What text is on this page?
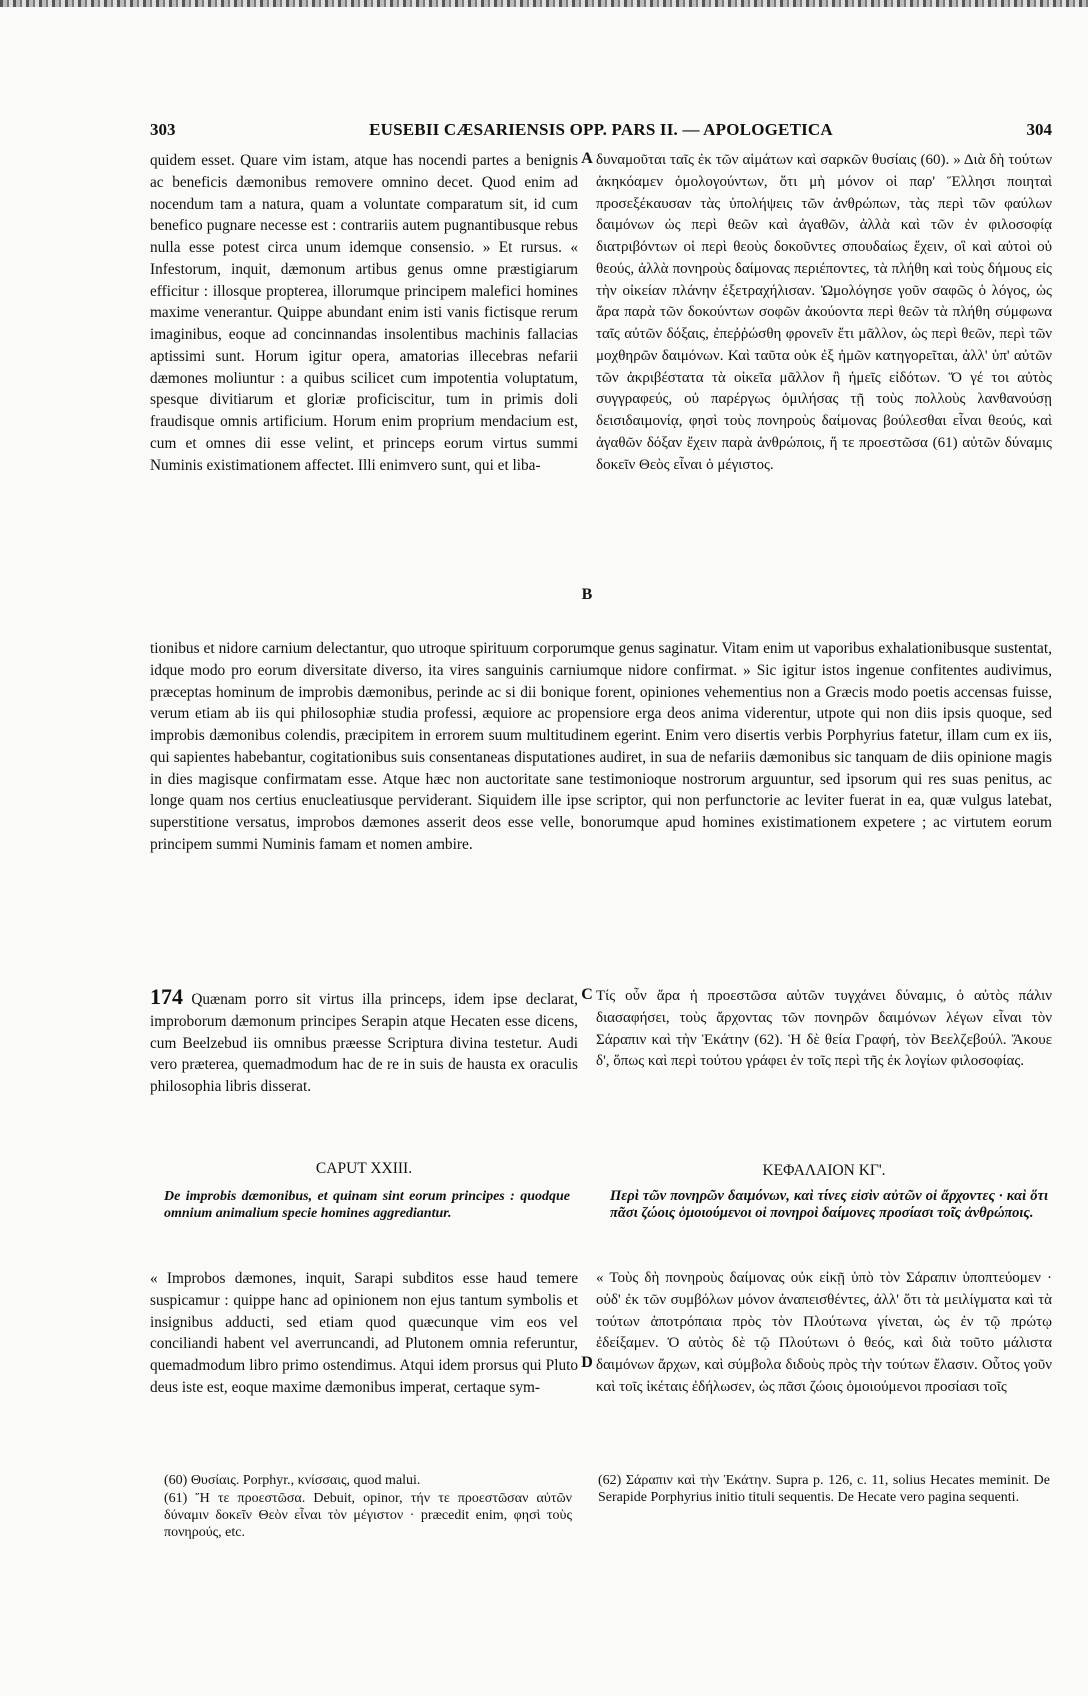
303	EUSEBII CÆSARIENSIS OPP. PARS II. — APOLOGETICA	304
quidem esset. Quare vim istam, atque has nocendi partes a benignis ac beneficis dæmonibus removere omnino decet. Quod enim ad nocendum tam a natura, quam a voluntate comparatum sit, id cum benefico pugnare necesse est : contrariis autem pugnantibusque rebus nulla esse potest circa unum idemque consensio. » Et rursus. « Infestorum, inquit, dæmonum artibus genus omne præstigiarum efficitur : illosque propterea, illorumque principem malefici homines maxime venerantur. Quippe abundant enim isti vanis fictisque rerum imaginibus, eoque ad concinnandas insolentibus machinis fallacias aptissimi sunt. Horum igitur opera, amatorias illecebras nefarii dæmones moliuntur : a quibus scilicet cum impotentia voluptatum, spesque divitiarum et gloriæ proficiscitur, tum in primis doli fraudisque omnis artificium. Horum enim proprium mendacium est, cum et omnes dii esse velint, et princeps eorum virtus summi Numinis existimationem affectet. Illi enimvero sunt, qui et liba-
δυναμοῦται ταῖς ἐκ τῶν αἱμάτων καὶ σαρκῶν θυσίαις (60). » Διὰ δὴ τούτων ἀκηκόαμεν ὁμολογούντων, ὅτι μὴ μόνον οἱ παρ' Ἕλλησι ποιηταὶ προσεξέκαυσαν τὰς ὑπολήψεις τῶν ἀνθρώπων, τὰς περὶ τῶν φαύλων δαιμόνων ὡς περὶ θεῶν καὶ ἀγαθῶν, ἀλλὰ καὶ τῶν ἐν φιλοσοφίᾳ διατριβόντων οἱ περὶ θεοὺς δοκοῦντες σπουδαίως ἔχειν, οἳ καὶ αὐτοὶ οὐ θεούς, ἀλλὰ πονηροὺς δαίμονας περιέποντες, τὰ πλήθη καὶ τοὺς δήμους εἰς τὴν οἰκείαν πλάνην ἐξετραχήλισαν. Ὡμολόγησε γοῦν σαφῶς ὁ λόγος, ὡς ἄρα παρὰ τῶν δοκούντων σοφῶν ἀκούοντα περὶ θεῶν τὰ πλήθη σύμφωνα ταῖς αὐτῶν δόξαις, ἐπεῤῥώσθη φρονεῖν ἔτι μᾶλλον, ὡς περὶ θεῶν, περὶ τῶν μοχθηρῶν δαιμόνων. Καὶ ταῦτα οὐκ ἐξ ἡμῶν κατηγορεῖται, ἀλλ' ὑπ' αὐτῶν τῶν ἀκριβέστατα τὰ οἰκεῖα μᾶλλον ἢ ἡμεῖς εἰδότων. Ὅ γέ τοι αὐτὸς συγγραφεύς, οὐ παρέργως ὁμιλήσας τῇ τοὺς πολλοὺς λανθανούσῃ δεισιδαιμονίᾳ, φησὶ τοὺς πονηροὺς δαίμονας βούλεσθαι εἶναι θεούς, καὶ ἀγαθῶν δόξαν ἔχειν παρὰ ἀνθρώποις, ἥ τε προεστῶσα (61) αὐτῶν δύναμις δοκεῖν Θεὸς εἶναι ὁ μέγιστος.
A
B
tionibus et nidore carnium delectantur, quo utroque spirituum corporumque genus saginatur. Vitam enim ut vaporibus exhalationibusque sustentat, idque modo pro eorum diversitate diverso, ita vires sanguinis carniumque nidore confirmat. » Sic igitur istos ingenue confitentes audivimus, præceptas hominum de improbis dæmonibus, perinde ac si dii bonique forent, opiniones vehementius non a Græcis modo poetis accensas fuisse, verum etiam ab iis qui philosophiæ studia professi, æquiore ac propensiore erga deos anima viderentur, utpote qui non diis ipsis quoque, sed improbis dæmonibus colendis, præcipitem in errorem suum multitudinem egerint. Enim vero disertis verbis Porphyrius fatetur, illam cum ex iis, qui sapientes habebantur, cogitationibus suis consentaneas disputationes audiret, in sua de nefariis dæmonibus sic tanquam de diis opinione magis in dies magisque confirmatam esse. Atque hæc non auctoritate sane testimonioque nostrorum arguuntur, sed ipsorum qui res suas penitus, ac longe quam nos certius enucleatiusque perviderant. Siquidem ille ipse scriptor, qui non perfunctorie ac leviter fuerat in ea, quæ vulgus latebat, superstitione versatus, improbos dæmones asserit deos esse velle, bonorumque apud homines existimationem expetere ; ac virtutem eorum principem summi Numinis famam et nomen ambire.
174 Quænam porro sit virtus illa princeps, idem ipse declarat, improborum dæmonum principes Serapin atque Hecaten esse dicens, cum Beelzebud iis omnibus præesse Scriptura divina testetur. Audi vero præterea, quemadmodum hac de re in suis de hausta ex oraculis philosophia libris disserat.
Τίς οὖν ἄρα ἡ προεστῶσα αὐτῶν τυγχάνει δύναμις, ὁ αὐτὸς πάλιν διασαφήσει, τοὺς ἄρχοντας τῶν πονηρῶν δαιμόνων λέγων εἶναι τὸν Σάραπιν καὶ τὴν Ἑκάτην (62). Ἡ δὲ θεία Γραφή, τὸν Βεελζεβούλ. Ἄκουε δ', ὅπως καὶ περὶ τούτου γράφει ἐν τοῖς περὶ τῆς ἐκ λογίων φιλοσοφίας.
C
CAPUT XXIII.	ΚΕΦΑΛΑΙΟΝ ΚΓ'.
De improbis dæmonibus, et quinam sint eorum principes : quodque omnium animalium specie homines aggrediantur.
Περὶ τῶν πονηρῶν δαιμόνων, καὶ τίνες εἰσὶν αὐτῶν οἱ ἄρχοντες · καὶ ὅτι πᾶσι ζώοις ὁμοιούμενοι οἱ πονηροὶ δαίμονες προσίασι τοῖς ἀνθρώποις.
« Improbos dæmones, inquit, Sarapi subditos esse haud temere suspicamur : quippe hanc ad opinionem non ejus tantum symbolis et insignibus adducti, sed etiam quod quæcunque vim eos vel conciliandi habent vel averruncandi, ad Plutonem omnia referuntur, quemadmodum libro primo ostendimus. Atqui idem prorsus qui Pluto deus iste est, eoque maxime dæmonibus imperat, certaque sym-
« Τοὺς δὴ πονηροὺς δαίμονας οὐκ εἰκῇ ὑπὸ τὸν Σάραπιν ὑποπτεύομεν · οὐδ' ἐκ τῶν συμβόλων μόνον ἀναπεισθέντες, ἀλλ' ὅτι τὰ μειλίγματα καὶ τὰ τούτων ἀποτρόπαια πρὸς τὸν Πλούτωνα γίνεται, ὡς ἐν τῷ πρώτῳ ἐδείξαμεν. Ὁ αὐτὸς δὲ τῷ Πλούτωνι ὁ θεός, καὶ διὰ τοῦτο μάλιστα δαιμόνων ἄρχων, καὶ σύμβολα διδοὺς πρὸς τὴν τούτων ἔλασιν. Οὗτος γοῦν καὶ τοῖς ἱκέταις ἐδήλωσεν, ὡς πᾶσι ζώοις ὁμοιούμενοι προσίασι τοῖς
D
(60) Θυσίαις. Porphyr., κνίσσαις, quod malui.
(61) Ἥ τε προεστῶσα. Debuit, opinor, τήν τε προεστῶσαν αὐτῶν δύναμιν δοκεῖν Θεὸν εἶναι τὸν μέγιστον · præcedit enim, φησὶ τοὺς πονηρούς, etc.
(62) Σάραπιν καὶ τὴν Ἑκάτην. Supra p. 126, c. 11, solius Hecates meminit. De Serapide Porphyrius initio tituli sequentis. De Hecate vero pagina sequenti.
